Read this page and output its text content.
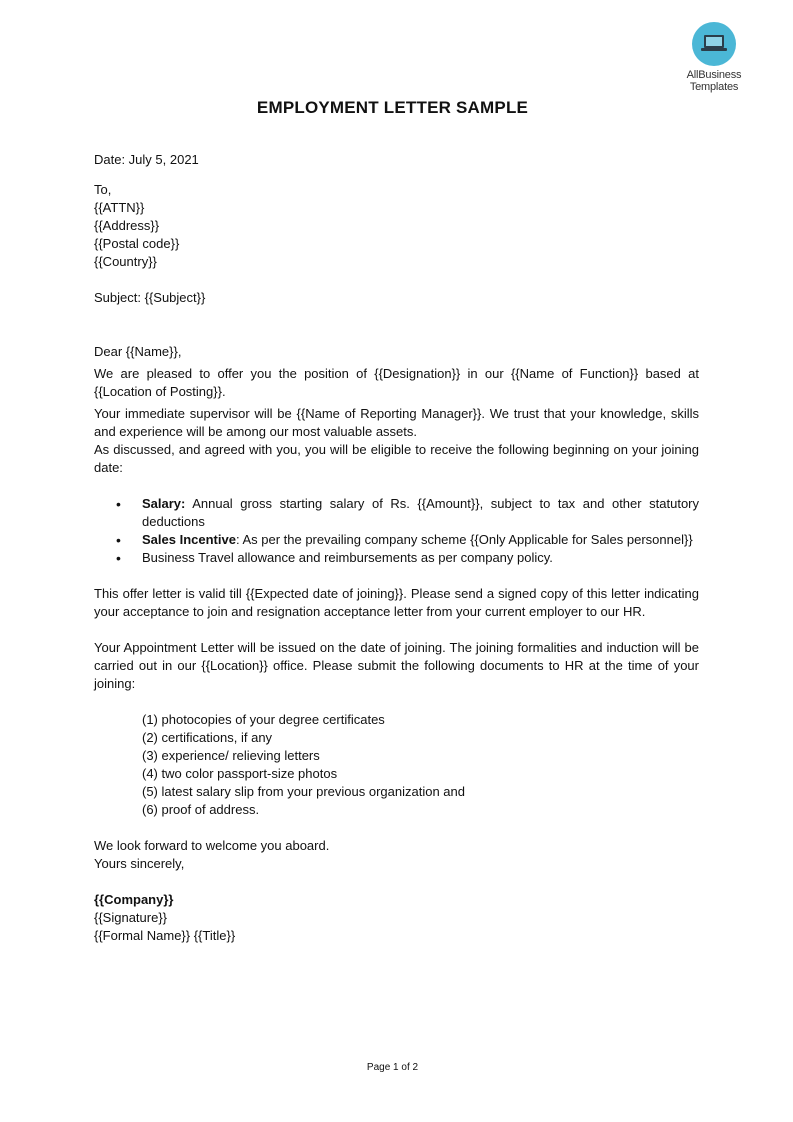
AllBusiness
Templates
EMPLOYMENT LETTER SAMPLE
Date: July 5, 2021
To,
{{ATTN}}
{{Address}}
{{Postal code}}
{{Country}}
Subject: {{Subject}}
Dear {{Name}},
We are pleased to offer you the position of {{Designation}} in our {{Name of Function}} based at {{Location of Posting}}.
Your immediate supervisor will be {{Name of Reporting Manager}}. We trust that your knowledge, skills and experience will be among our most valuable assets.
As discussed, and agreed with you, you will be eligible to receive the following beginning on your joining date:
• Salary: Annual gross starting salary of Rs. {{Amount}}, subject to tax and other statutory deductions
• Sales Incentive: As per the prevailing company scheme {{Only Applicable for Sales personnel}}
• Business Travel allowance and reimbursements as per company policy.
This offer letter is valid till {{Expected date of joining}}. Please send a signed copy of this letter indicating your acceptance to join and resignation acceptance letter from your current employer to our HR.
Your Appointment Letter will be issued on the date of joining. The joining formalities and induction will be carried out in our {{Location}} office. Please submit the following documents to HR at the time of your joining:
(1) photocopies of your degree certificates
(2) certifications, if any
(3) experience/ relieving letters
(4) two color passport-size photos
(5) latest salary slip from your previous organization and
(6) proof of address.
We look forward to welcome you aboard.
Yours sincerely,
{{Company}}
{{Signature}}
{{Formal Name}} {{Title}}
Page 1 of 2
